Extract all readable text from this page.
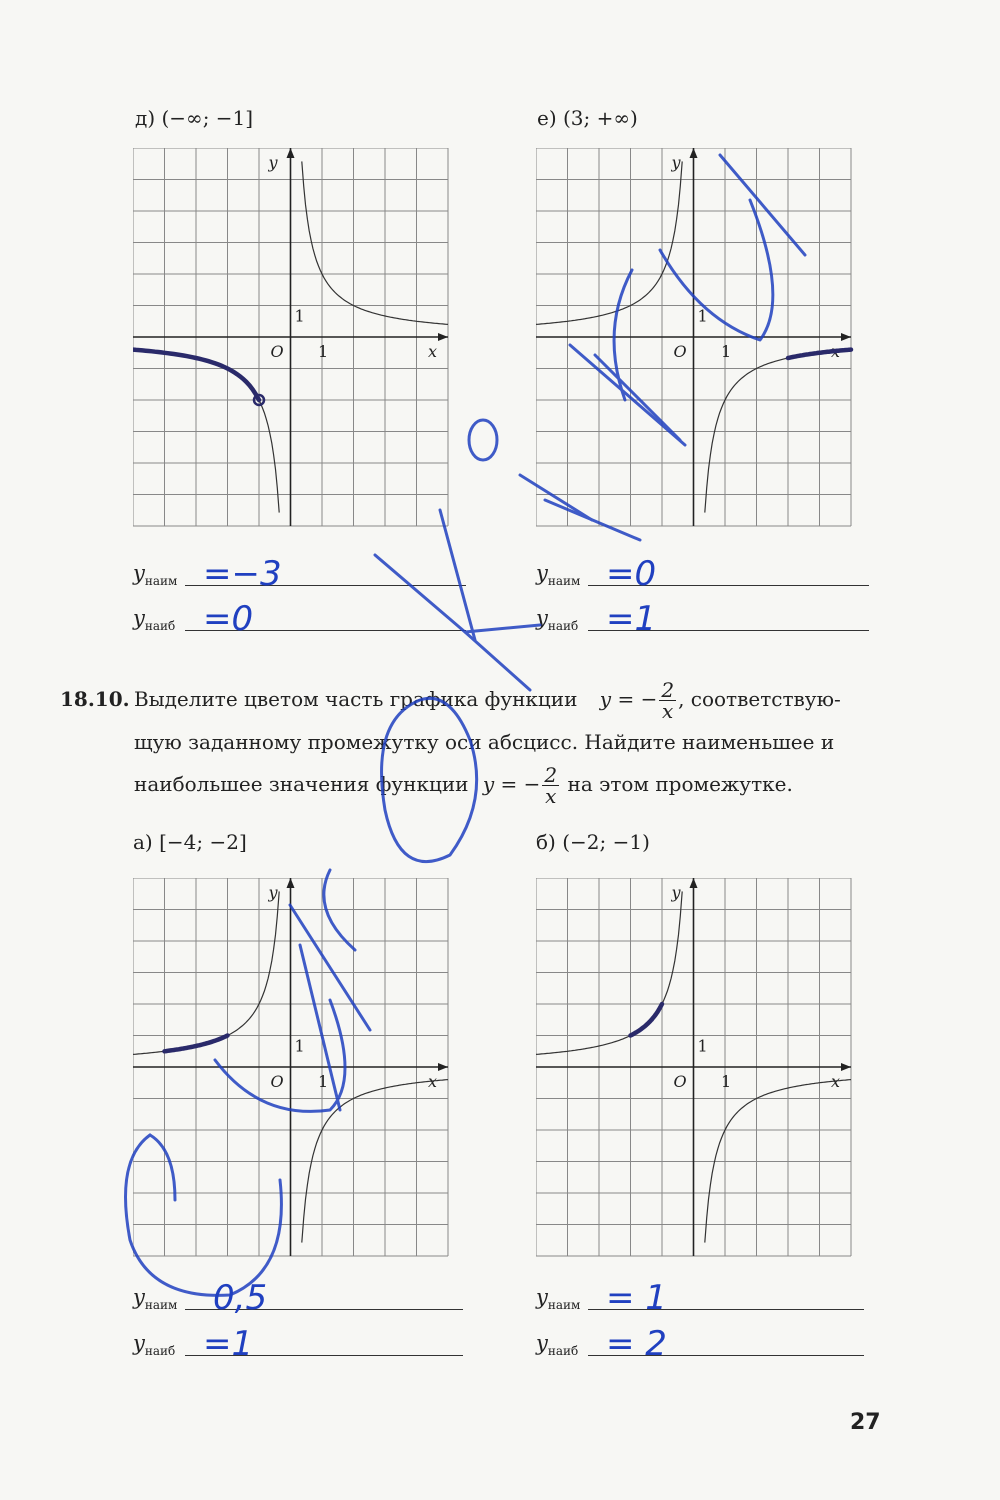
д) (−∞; −1]	е) (3; +∞)
x
y
O 1
1
x
y
O 1
1
x
y
O 1
1
x
y
O 1
1
$y_{наим} =-3$
$y_{наиб} =0$
$y_{наим} =0$
$y_{наиб} =1$
18.10. Выделите цветом часть графика функции y = − $\frac{2}{x}$ , соответствую-
щую заданному промежутку оси абсцисс. Найдите наименьшее и
наибольшее значения функции y = − $\frac{2}{x}$ на этом промежутке.
а) [−4; −2]	б) (−2; −1)
$y_{наим}$ 0,5
$y_{наиб} =1$
$y_{наим} = 1$
$y_{наиб} = 2$
27
